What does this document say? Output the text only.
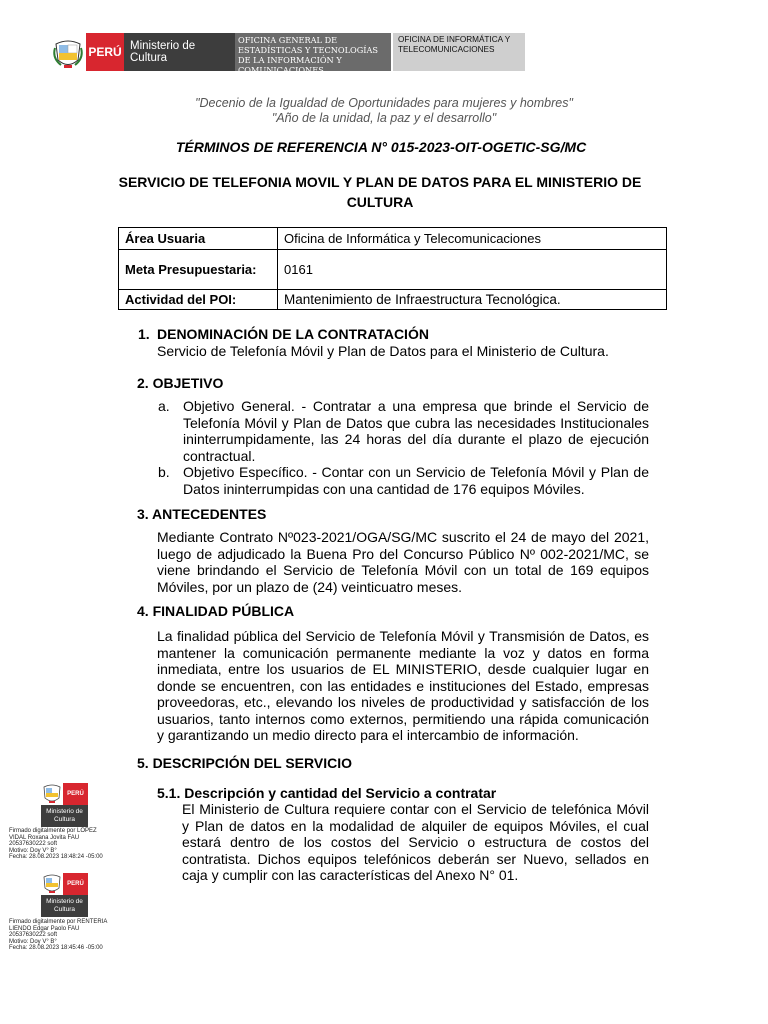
PERÚ Ministerio de Cultura
OFICINA GENERAL DE ESTADÍSTICAS Y TECNOLOGÍAS DE LA INFORMACIÓN Y COMUNICACIONES
OFICINA DE INFORMÁTICA Y TELECOMUNICACIONES
"Decenio de la Igualdad de Oportunidades para mujeres y hombres"
"Año de la unidad, la paz y el desarrollo"
TÉRMINOS DE REFERENCIA N° 015-2023-OIT-OGETIC-SG/MC
SERVICIO DE TELEFONIA MOVIL Y PLAN DE DATOS PARA EL MINISTERIO DE CULTURA
Área Usuaria	Oficina de Informática y Telecomunicaciones
Meta Presupuestaria:	0161
Actividad del POI:	Mantenimiento de Infraestructura Tecnológica.
1. DENOMINACIÓN DE LA CONTRATACIÓN
Servicio de Telefonía Móvil y Plan de Datos para el Ministerio de Cultura.
2. OBJETIVO
a. Objetivo General. - Contratar a una empresa que brinde el Servicio de Telefonía Móvil y Plan de Datos que cubra las necesidades Institucionales ininterrumpidamente, las 24 horas del día durante el plazo de ejecución contractual.
b. Objetivo Específico. - Contar con un Servicio de Telefonía Móvil y Plan de Datos ininterrumpidas con una cantidad de 176 equipos Móviles.
3. ANTECEDENTES
Mediante Contrato Nº023-2021/OGA/SG/MC suscrito el 24 de mayo del 2021, luego de adjudicado la Buena Pro del Concurso Público Nº 002-2021/MC, se viene brindando el Servicio de Telefonía Móvil con un total de 169 equipos Móviles, por un plazo de (24) veinticuatro meses.
4. FINALIDAD PÚBLICA
La finalidad pública del Servicio de Telefonía Móvil y Transmisión de Datos, es mantener la comunicación permanente mediante la voz y datos en forma inmediata, entre los usuarios de EL MINISTERIO, desde cualquier lugar en donde se encuentren, con las entidades e instituciones del Estado, empresas proveedoras, etc., elevando los niveles de productividad y satisfacción de los usuarios, tanto internos como externos, permitiendo una rápida comunicación y garantizando un medio directo para el intercambio de información.
5. DESCRIPCIÓN DEL SERVICIO
5.1. Descripción y cantidad del Servicio a contratar
El Ministerio de Cultura requiere contar con el Servicio de telefónica Móvil y Plan de datos en la modalidad de alquiler de equipos Móviles, el cual estará dentro de los costos del Servicio o estructura de costos del contratista. Dichos equipos telefónicos deberán ser Nuevo, sellados en caja y cumplir con las características del Anexo N° 01.
PERÚ
Ministerio de Cultura
Firmado digitalmente por LOPEZ VIDAL Roxana Jovita FAU 20537630222 soft
Motivo: Doy V° B°
Fecha: 28.08.2023 18:48:24 -05:00
PERÚ
Ministerio de Cultura
Firmado digitalmente por RENTERIA LIENDO Edgar Paolo FAU 20537630222 soft
Motivo: Doy V° B°
Fecha: 28.08.2023 18:45:46 -05:00
